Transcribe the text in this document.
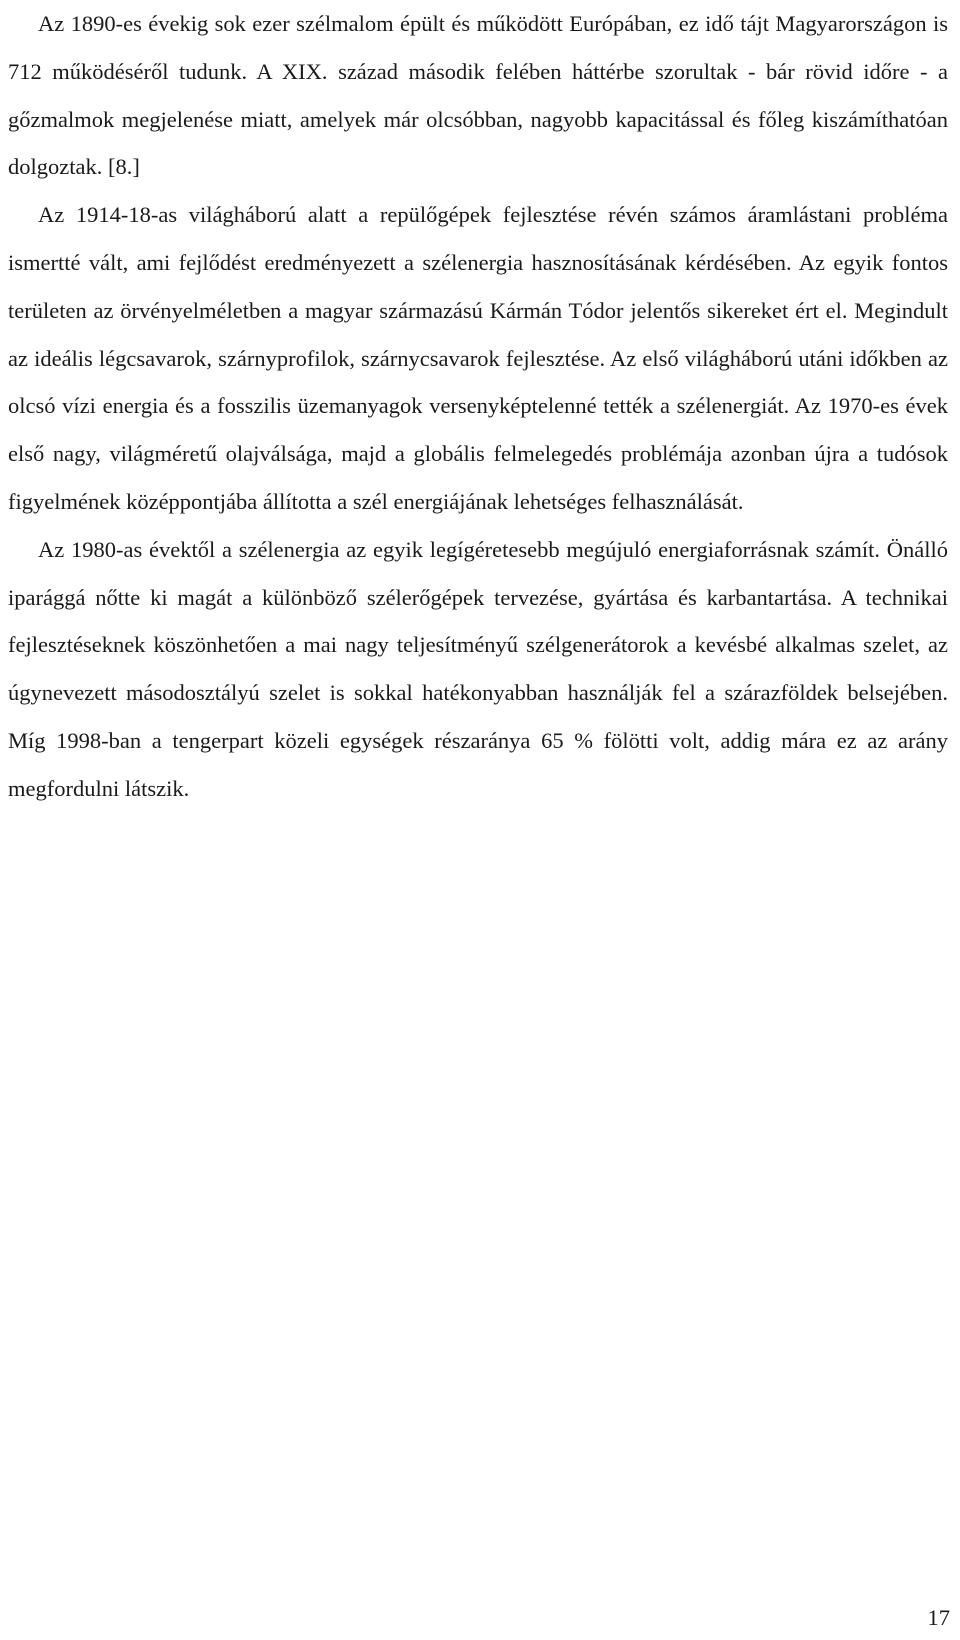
Az 1890-es évekig sok ezer szélmalom épült és működött Európában, ez idő tájt Magyarországon is 712 működéséről tudunk. A XIX. század második felében háttérbe szorultak - bár rövid időre - a gőzmalmok megjelenése miatt, amelyek már olcsóbban, nagyobb kapacitással és főleg kiszámíthatóan dolgoztak. [8.]

Az 1914-18-as világháború alatt a repülőgépek fejlesztése révén számos áramlástani probléma ismertté vált, ami fejlődést eredményezett a szélenergia hasznosításának kérdésében. Az egyik fontos területen az örvényelméletben a magyar származású Kármán Tódor jelentős sikereket ért el. Megindult az ideális légcsavarok, szárnyprofilok, szárnycsavarok fejlesztése. Az első világháború utáni időkben az olcsó vízi energia és a fosszilis üzemanyagok versenyképtelenné tették a szélenergiát. Az 1970-es évek első nagy, világméretű olajválsága, majd a globális felmelegedés problémája azonban újra a tudósok figyelmének középpontjába állította a szél energiájának lehetséges felhasználását.

Az 1980-as évektől a szélenergia az egyik legígéretesebb megújuló energiaforrásnak számít. Önálló iparággá nőtte ki magát a különböző szélerőgépek tervezése, gyártása és karbantartása. A technikai fejlesztéseknek köszönhetően a mai nagy teljesítményű szélgenerátorok a kevésbé alkalmas szelet, az úgynevezett másodosztályú szelet is sokkal hatékonyabban használják fel a szárazföldek belsejében. Míg 1998-ban a tengerpart közeli egységek részaránya 65 % fölötti volt, addig mára ez az arány megfordulni látszik.

17
